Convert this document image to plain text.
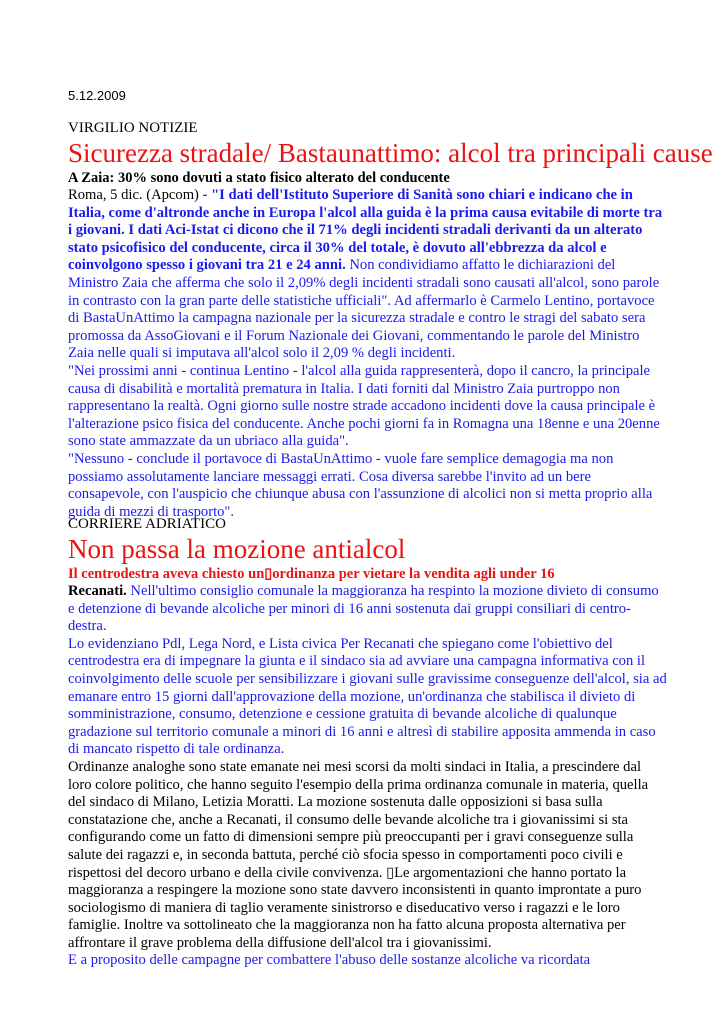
5.12.2009

VIRGILIO NOTIZIE

Sicurezza stradale/ Bastaunattimo: alcol tra principali cause

A Zaia: 30% sono dovuti a stato fisico alterato del conducente

Roma, 5 dic. (Apcom) - "I dati dell'Istituto Superiore di Sanità sono chiari e indicano che in Italia, come d'altronde anche in Europa l'alcol alla guida è la prima causa evitabile di morte tra i giovani. I dati Aci-Istat ci dicono che il 71% degli incidenti stradali derivanti da un alterato stato psicofisico del conducente, circa il 30% del totale, è dovuto all'ebbrezza da alcol e coinvolgono spesso i giovani tra 21 e 24 anni. Non condividiamo affatto le dichiarazioni del Ministro Zaia che afferma che solo il 2,09% degli incidenti stradali sono causati all'alcol, sono parole in contrasto con la gran parte delle statistiche ufficiali". Ad affermarlo è Carmelo Lentino, portavoce di BastaUnAttimo la campagna nazionale per la sicurezza stradale e contro le stragi del sabato sera promossa da AssoGiovani e il Forum Nazionale dei Giovani, commentando le parole del Ministro Zaia nelle quali si imputava all'alcol solo il 2,09 % degli incidenti.

"Nei prossimi anni - continua Lentino - l'alcol alla guida rappresenterà, dopo il cancro, la principale causa di disabilità e mortalità prematura in Italia. I dati forniti dal Ministro Zaia purtroppo non rappresentano la realtà. Ogni giorno sulle nostre strade accadono incidenti dove la causa principale è l'alterazione psico fisica del conducente. Anche pochi giorni fa in Romagna una 18enne e una 20enne sono state ammazzate da un ubriaco alla guida".

"Nessuno - conclude il portavoce di BastaUnAttimo - vuole fare semplice demagogia ma non possiamo assolutamente lanciare messaggi errati. Cosa diversa sarebbe l'invito ad un bere consapevole, con l'auspicio che chiunque abusa con l'assunzione di alcolici non si metta proprio alla guida di mezzi di trasporto".

CORRIERE ADRIATICO

Non passa la mozione antialcol

Il centrodestra aveva chiesto un▯ordinanza per vietare la vendita agli under 16

Recanati. Nell'ultimo consiglio comunale la maggioranza ha respinto la mozione divieto di consumo e detenzione di bevande alcoliche per minori di 16 anni sostenuta dai gruppi consiliari di centro-destra.

Lo evidenziano Pdl, Lega Nord, e Lista civica Per Recanati che spiegano come l'obiettivo del centrodestra era di impegnare la giunta e il sindaco sia ad avviare una campagna informativa con il coinvolgimento delle scuole per sensibilizzare i giovani sulle gravissime conseguenze dell'alcol, sia ad emanare entro 15 giorni dall'approvazione della mozione, un'ordinanza che stabilisca il divieto di somministrazione, consumo, detenzione e cessione gratuita di bevande alcoliche di qualunque gradazione sul territorio comunale a minori di 16 anni e altresì di stabilire apposita ammenda in caso di mancato rispetto di tale ordinanza.

Ordinanze analoghe sono state emanate nei mesi scorsi da molti sindaci in Italia, a prescindere dal loro colore politico, che hanno seguito l'esempio della prima ordinanza comunale in materia, quella del sindaco di Milano, Letizia Moratti. La mozione sostenuta dalle opposizioni si basa sulla constatazione che, anche a Recanati, il consumo delle bevande alcoliche tra i giovanissimi si sta configurando come un fatto di dimensioni sempre più preoccupanti per i gravi conseguenze sulla salute dei ragazzi e, in seconda battuta, perché ciò sfocia spesso in comportamenti poco civili e rispettosi del decoro urbano e della civile convivenza. ▯Le argomentazioni che hanno portato la maggioranza a respingere la mozione sono state davvero inconsistenti in quanto improntate a puro sociologismo di maniera di taglio veramente sinistrorso e diseducativo verso i ragazzi e le loro famiglie. Inoltre va sottolineato che la maggioranza non ha fatto alcuna proposta alternativa per affrontare il grave problema della diffusione dell'alcol tra i giovanissimi.

E a proposito delle campagne per combattere l'abuso delle sostanze alcoliche va ricordata
